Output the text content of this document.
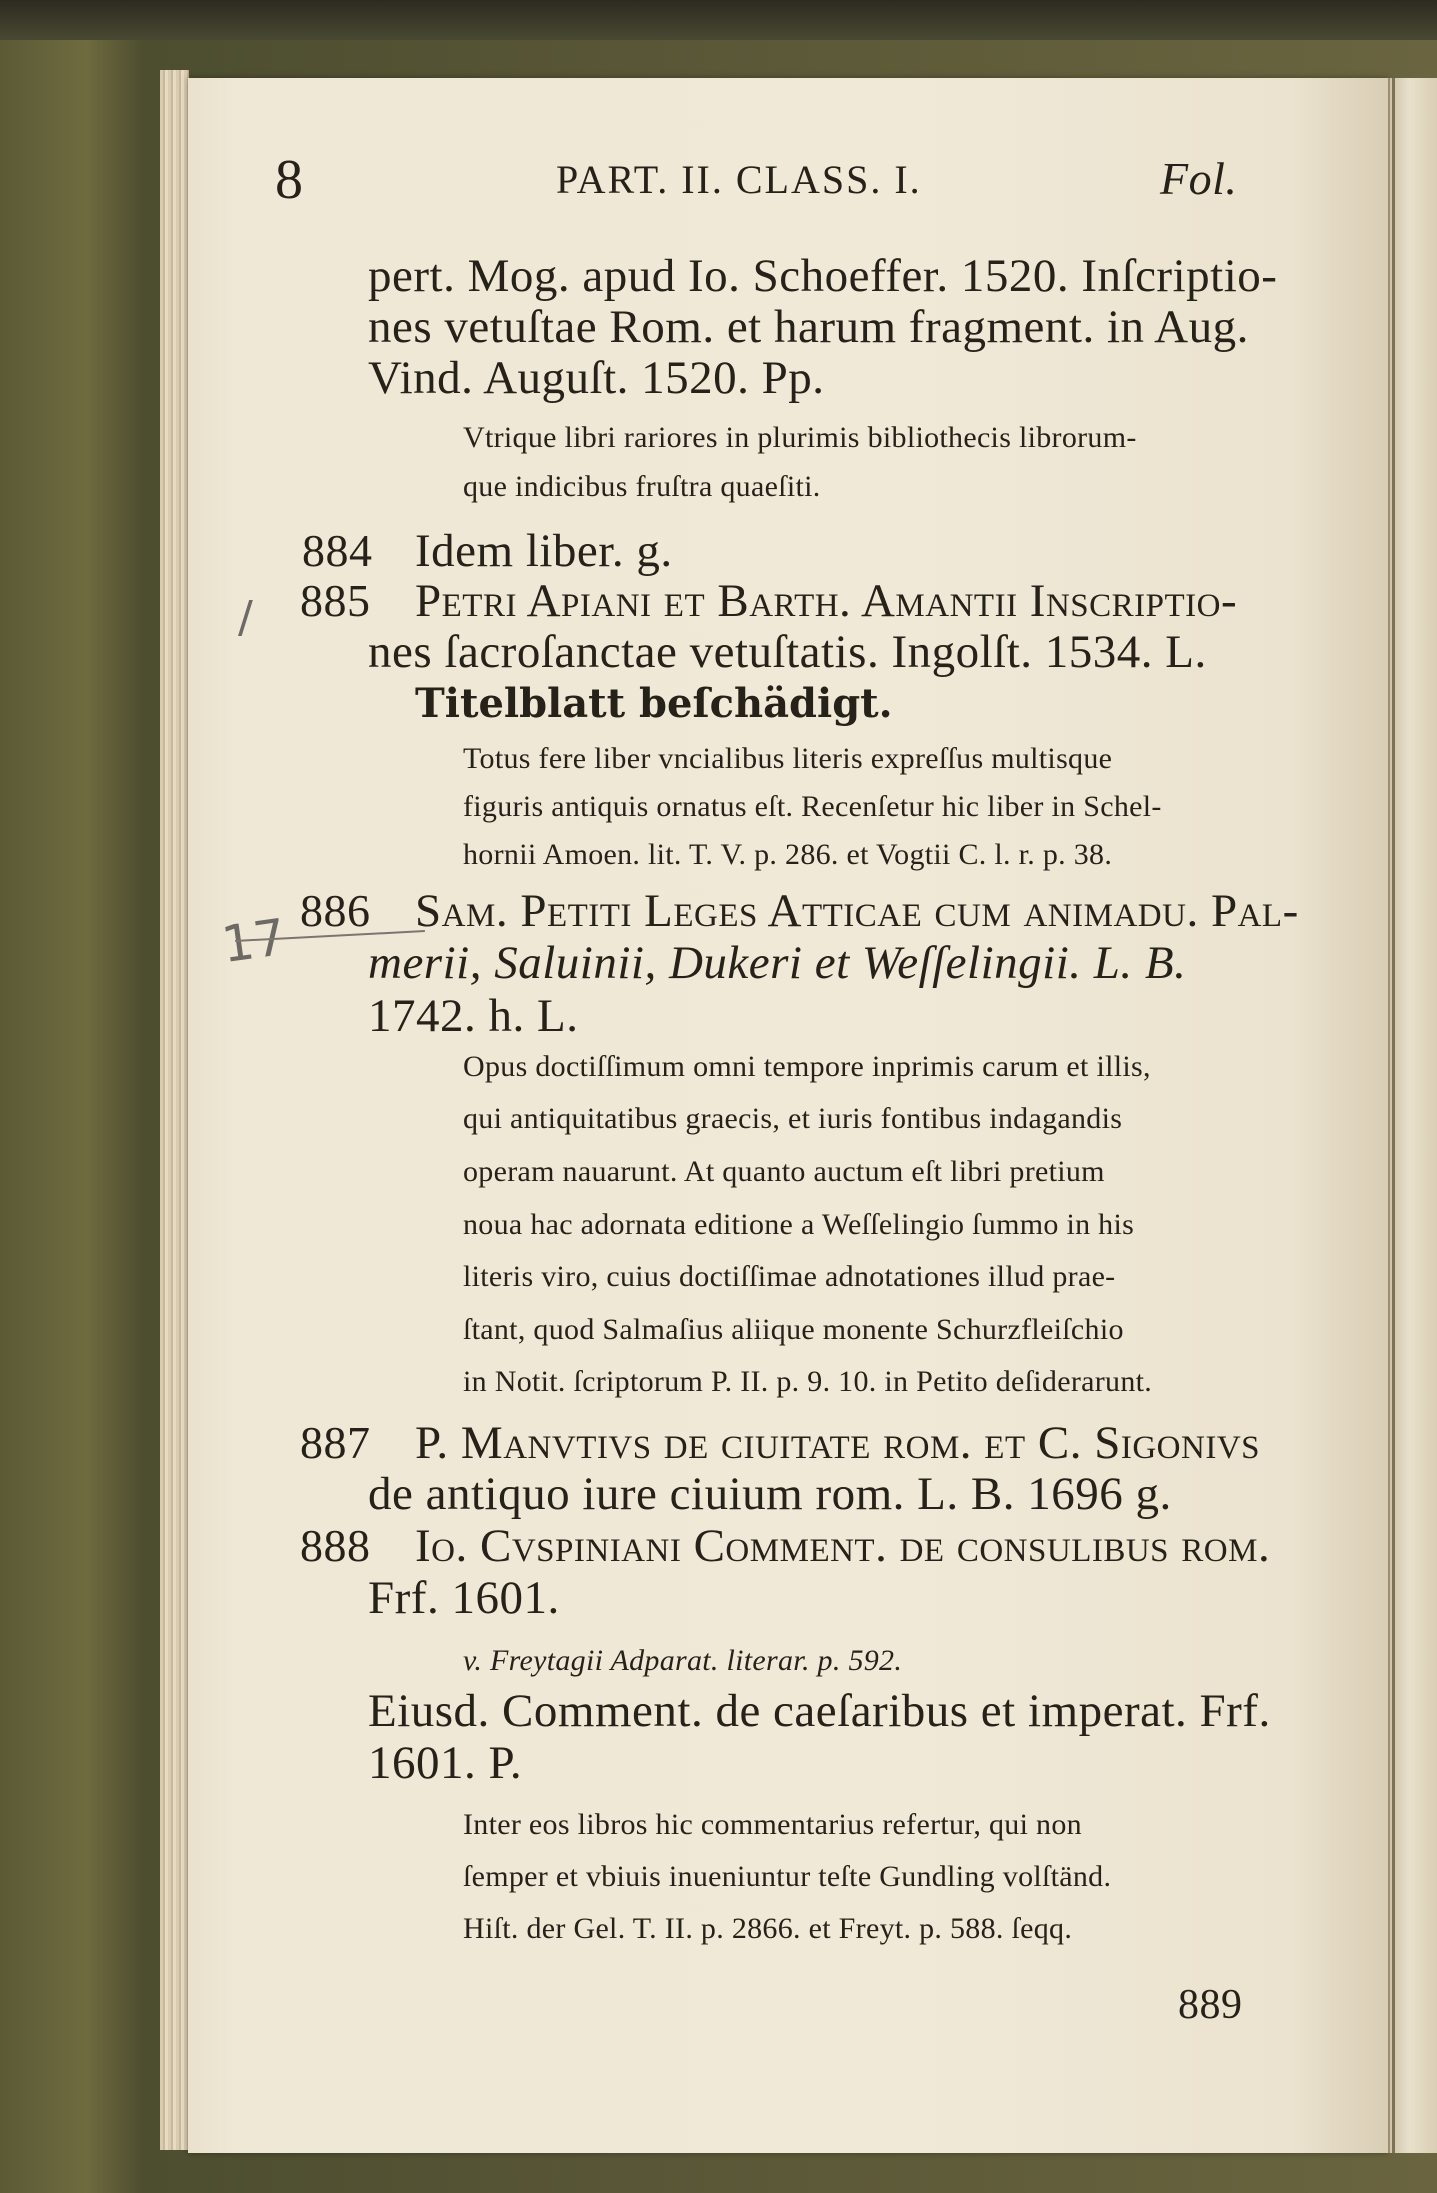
8	PART. II. CLASS. I.	Fol.
pert. Mog. apud Io. Schoeffer. 1520. Inſcriptio-
nes vetuſtae Rom. et harum fragment. in Aug.
Vind. Auguſt. 1520. Pp.
Vtrique libri rariores in plurimis bibliothecis librorum-
que indicibus fruſtra quaeſiti.
884 Idem liber. g.
/ 885 Petri Apiani et Barth. Amantii Inſcriptio-
nes ſacroſanctae vetuſtatis. Ingolſt. 1534. L.
Titelblatt beſchädigt.
Totus fere liber vncialibus literis expreſſus multisque
figuris antiquis ornatus eſt. Recenſetur hic liber in Schel-
hornii Amoen. lit. T. V. p. 286. et Vogtii C. l. r. p. 38.
17 886 Sam. Petiti Leges Atticae cum animadu. Pal-
merii, Saluinii, Dukeri et Weſſelingii. L. B.
1742. h. L.
Opus doctiſſimum omni tempore inprimis carum et illis,
qui antiquitatibus graecis, et iuris fontibus indagandis
operam nauarunt. At quanto auctum eſt libri pretium
noua hac adornata editione a Weſſelingio ſummo in his
literis viro, cuius doctiſſimae adnotationes illud prae-
ſtant, quod Salmaſius aliique monente Schurzfleiſchio
in Notit. ſcriptorum P. II. p. 9. 10. in Petito deſiderarunt.
887 P. Manvtivs de ciuitate rom. et C. Sigonivs
de antiquo iure ciuium rom. L. B. 1696 g.
888 Io. Cvspiniani Comment. de conſulibus rom.
Frf. 1601.
v. Freytagii Adparat. literar. p. 592.
Eiusd. Comment. de caeſaribus et imperat. Frf.
1601. P.
Inter eos libros hic commentarius refertur, qui non
ſemper et vbiuis inueniuntur teſte Gundling volſtänd.
Hiſt. der Gel. T. II. p. 2866. et Freyt. p. 588. ſeqq.
889
